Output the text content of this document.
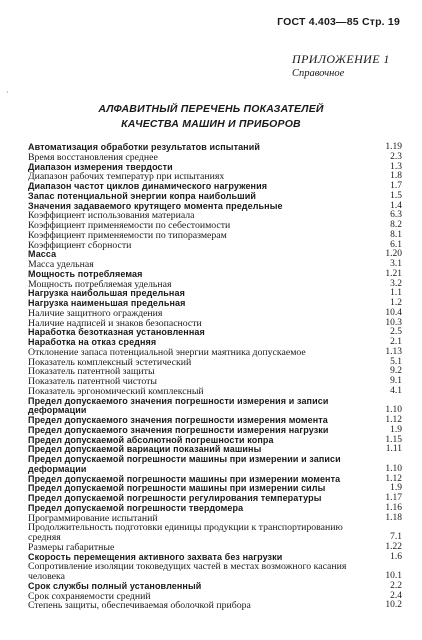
ГОСТ 4.403—85 Стр. 19
ПРИЛОЖЕНИЕ 1
Справочное
·
АЛФАВИТНЫЙ ПЕРЕЧЕНЬ ПОКАЗАТЕЛЕЙ
КАЧЕСТВА МАШИН И ПРИБОРОВ
Автоматизация обработки результатов испытаний	1.19
Время восстановления среднее	2.3
Диапазон измерения твердости	1.3
Диапазон рабочих температур при испытаниях	1.8
Диапазон частот циклов динамического нагружения	1.7
Запас потенциальной энергии копра наибольший	1.5
Значения задаваемого крутящего момента предельные	1.4
Коэффициент использования материала	6.3
Коэффициент применяемости по себестоимости	8.2
Коэффициент применяемости по типоразмерам	8.1
Коэффициент сборности	6.1
Масса	1.20
Масса удельная	3.1
Мощность потребляемая	1.21
Мощность потребляемая удельная	3.2
Нагрузка наибольшая предельная	1.1
Нагрузка наименьшая предельная	1.2
Наличие защитного ограждения	10.4
Наличие надписей и знаков безопасности	10.3
Наработка безотказная установленная	2.5
Наработка на отказ средняя	2.1
Отклонение запаса потенциальной энергии маятника допускаемое	1.13
Показатель комплексный эстетический	5.1
Показатель патентной защиты	9.2
Показатель патентной чистоты	9.1
Показатель эргономический комплексный	4.1
Предел допускаемого значения погрешности измерения и записи деформации	1.10
Предел допускаемого значения погрешности измерения момента	1.12
Предел допускаемого значения погрешности измерения нагрузки	1.9
Предел допускаемой абсолютной погрешности копра	1.15
Предел допускаемой вариации показаний машины	1.11
Предел допускаемой погрешности машины при измерении и записи деформации	1.10
Предел допускаемой погрешности машины при измерении момента	1.12
Предел допускаемой погрешности машины при измерении силы	1.9
Предел допускаемой погрешности регулирования температуры	1.17
Предел допускаемой погрешности твердомера	1.16
Программирование испытаний	1.18
Продолжительность подготовки единицы продукции к транспортированию средняя	7.1
Размеры габаритные	1.22
Скорость перемещения активного захвата без нагрузки	1.6
Сопротивление изоляции токоведущих частей в местах возможного касания человека	10.1
Срок службы полный установленный	2.2
Срок сохраняемости средний	2.4
Степень защиты, обеспечиваемая оболочкой прибора	10.2
